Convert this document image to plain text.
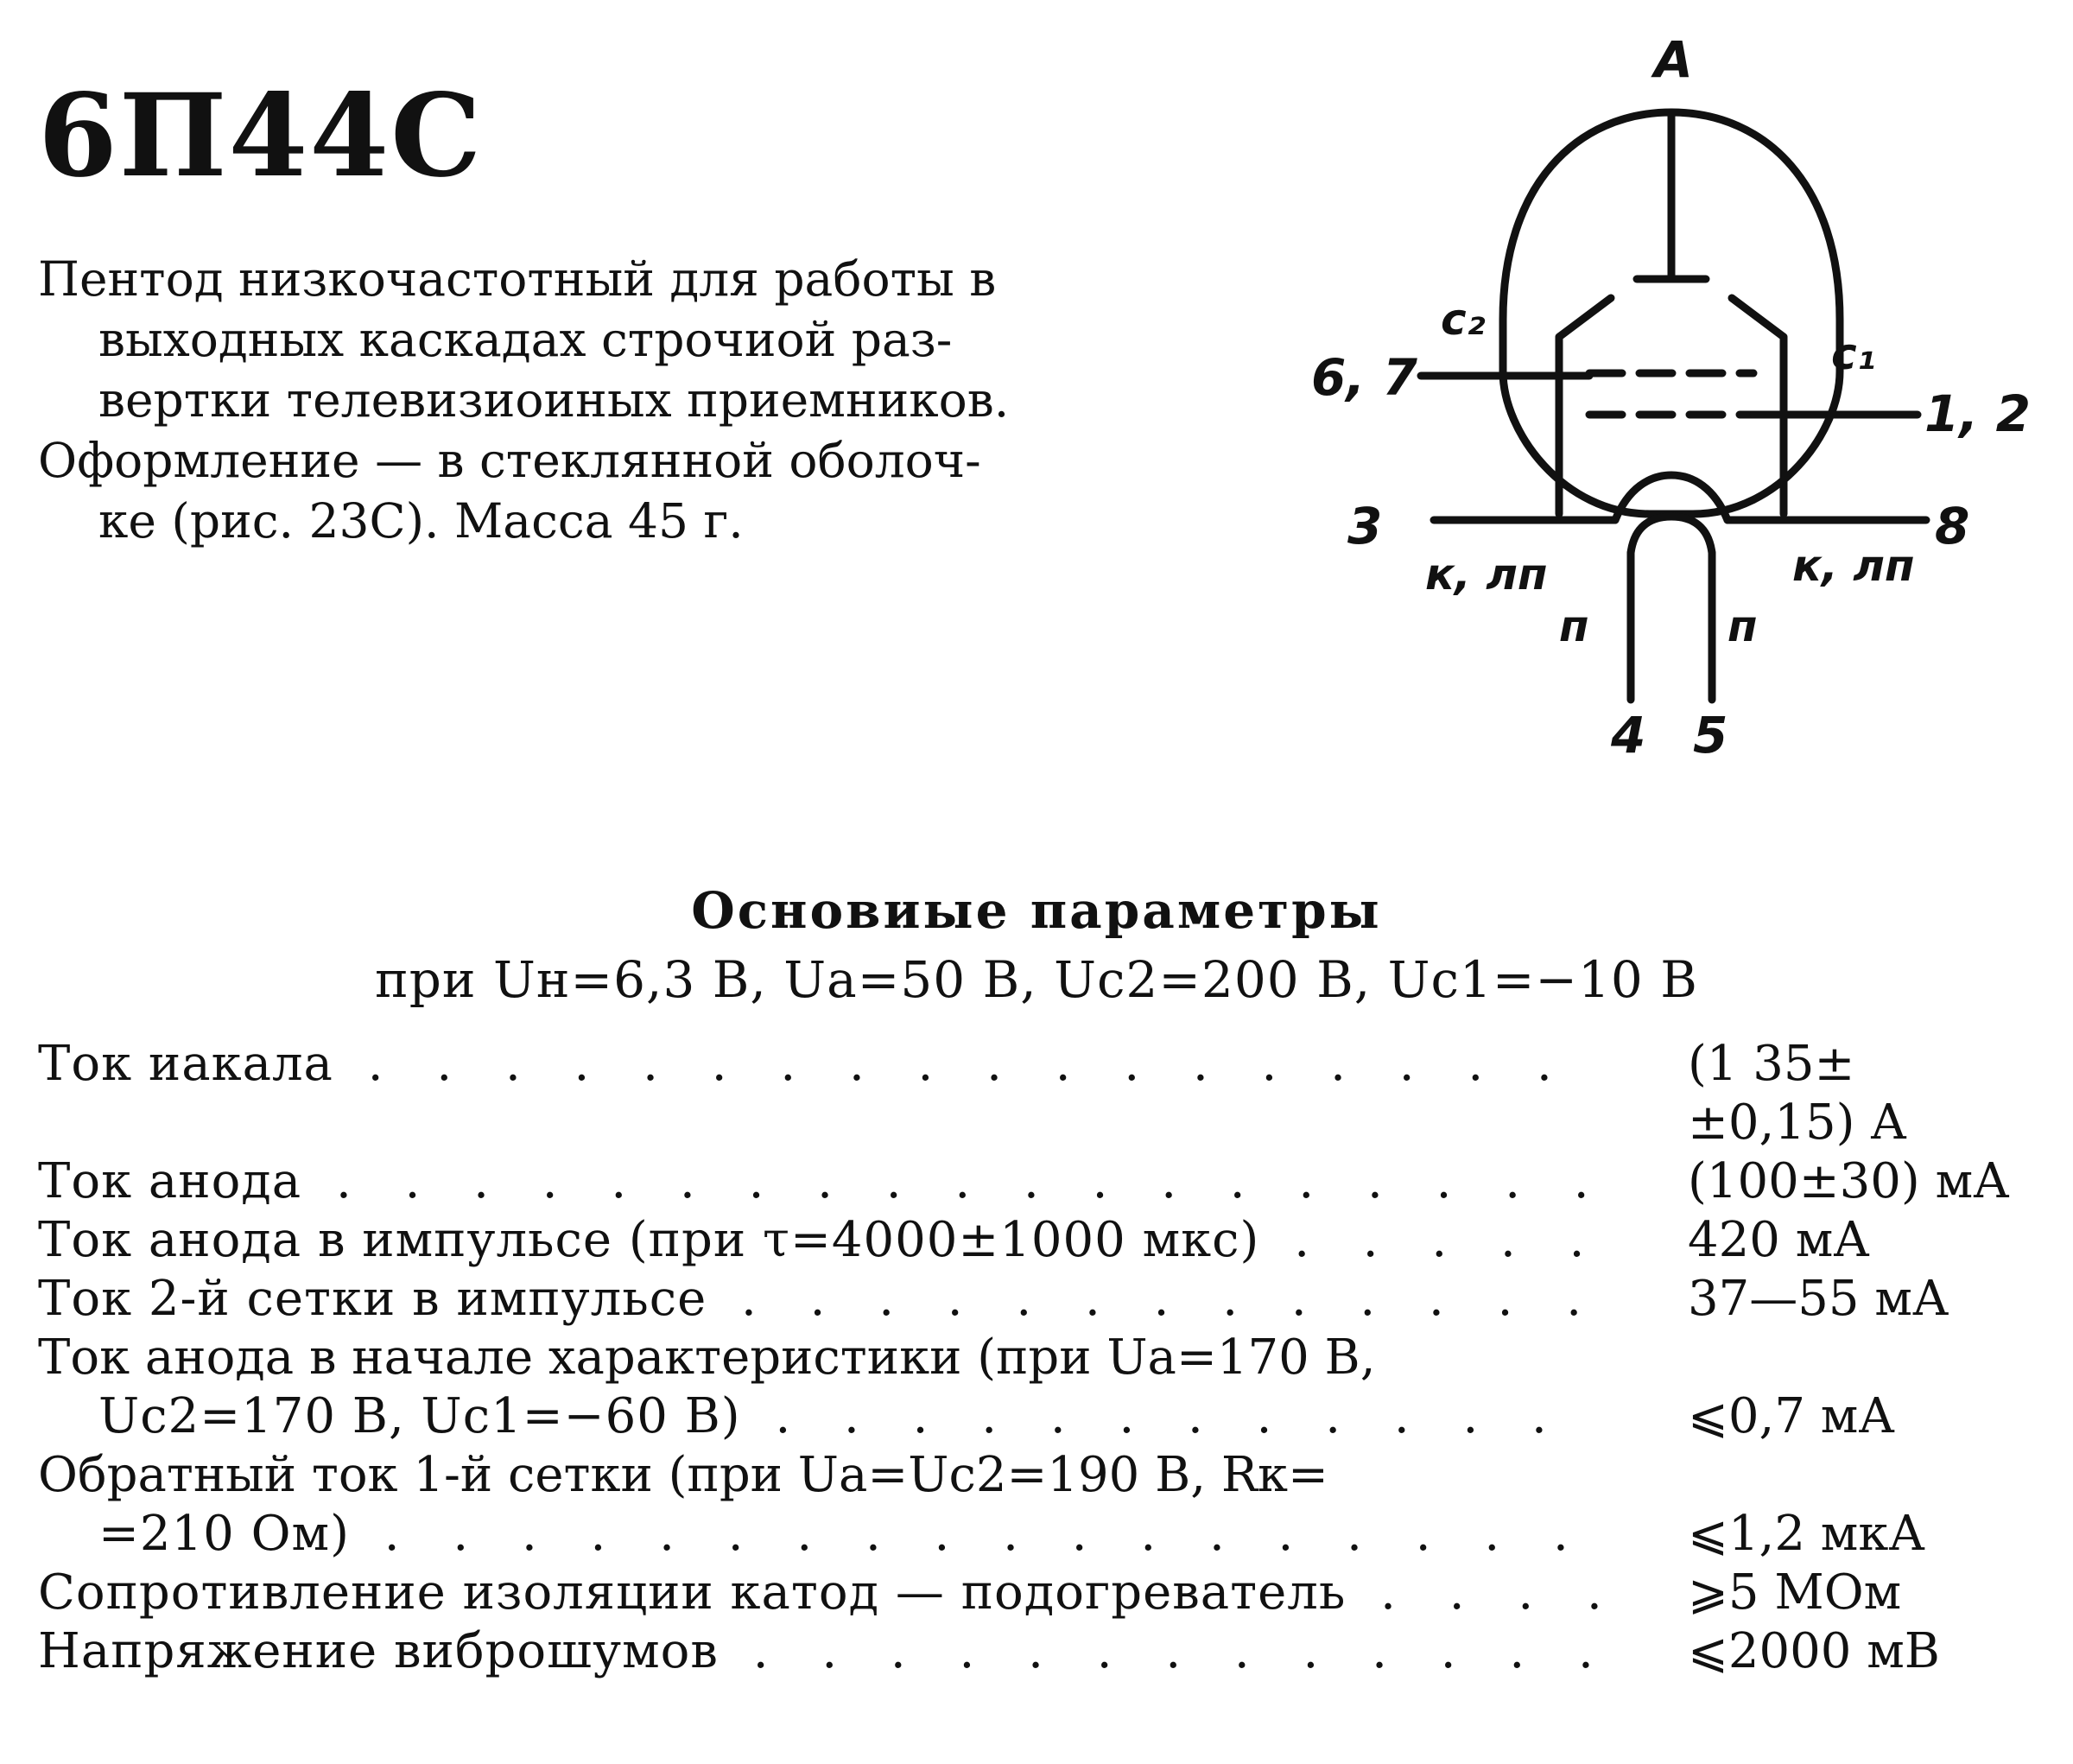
6П44С
Пентод низкочастотный для работы в
выходных каскадах строчиой раз-
вертки телевизиоиных приемников.
Оформление — в стеклянной оболоч-
ке (рис. 23С). Масса 45 г.
А
c₂
c₁
6, 7
1, 2
3	8
к, лп	к, лп
п	п
4 5
Основиые параметры
при Uн=6,3 В, Uа=50 В, Uс2=200 В, Uс1=−10 В
Ток иакала . . .	(1 35±
±0,15) А
Ток анода . . .	(100±30) мА
Ток анода в импульсе (при τ=4000±1000 мкс) . . .	420 мА
Ток 2-й сетки в импульсе . . .	37—55 мА
Ток анода в начале характеристики (при Uа=170 В,
Uс2=170 В, Uс1=−60 В) . . .	⩽0,7 мА
Обратный ток 1-й сетки (при Uа=Uс2=190 В, Rк=
=210 Ом) . . .	⩽1,2 мкА
Сопротивление изоляции катод — подогреватель . . .	⩾5 МОм
Напряжение виброшумов . . .	⩽2000 мВ
